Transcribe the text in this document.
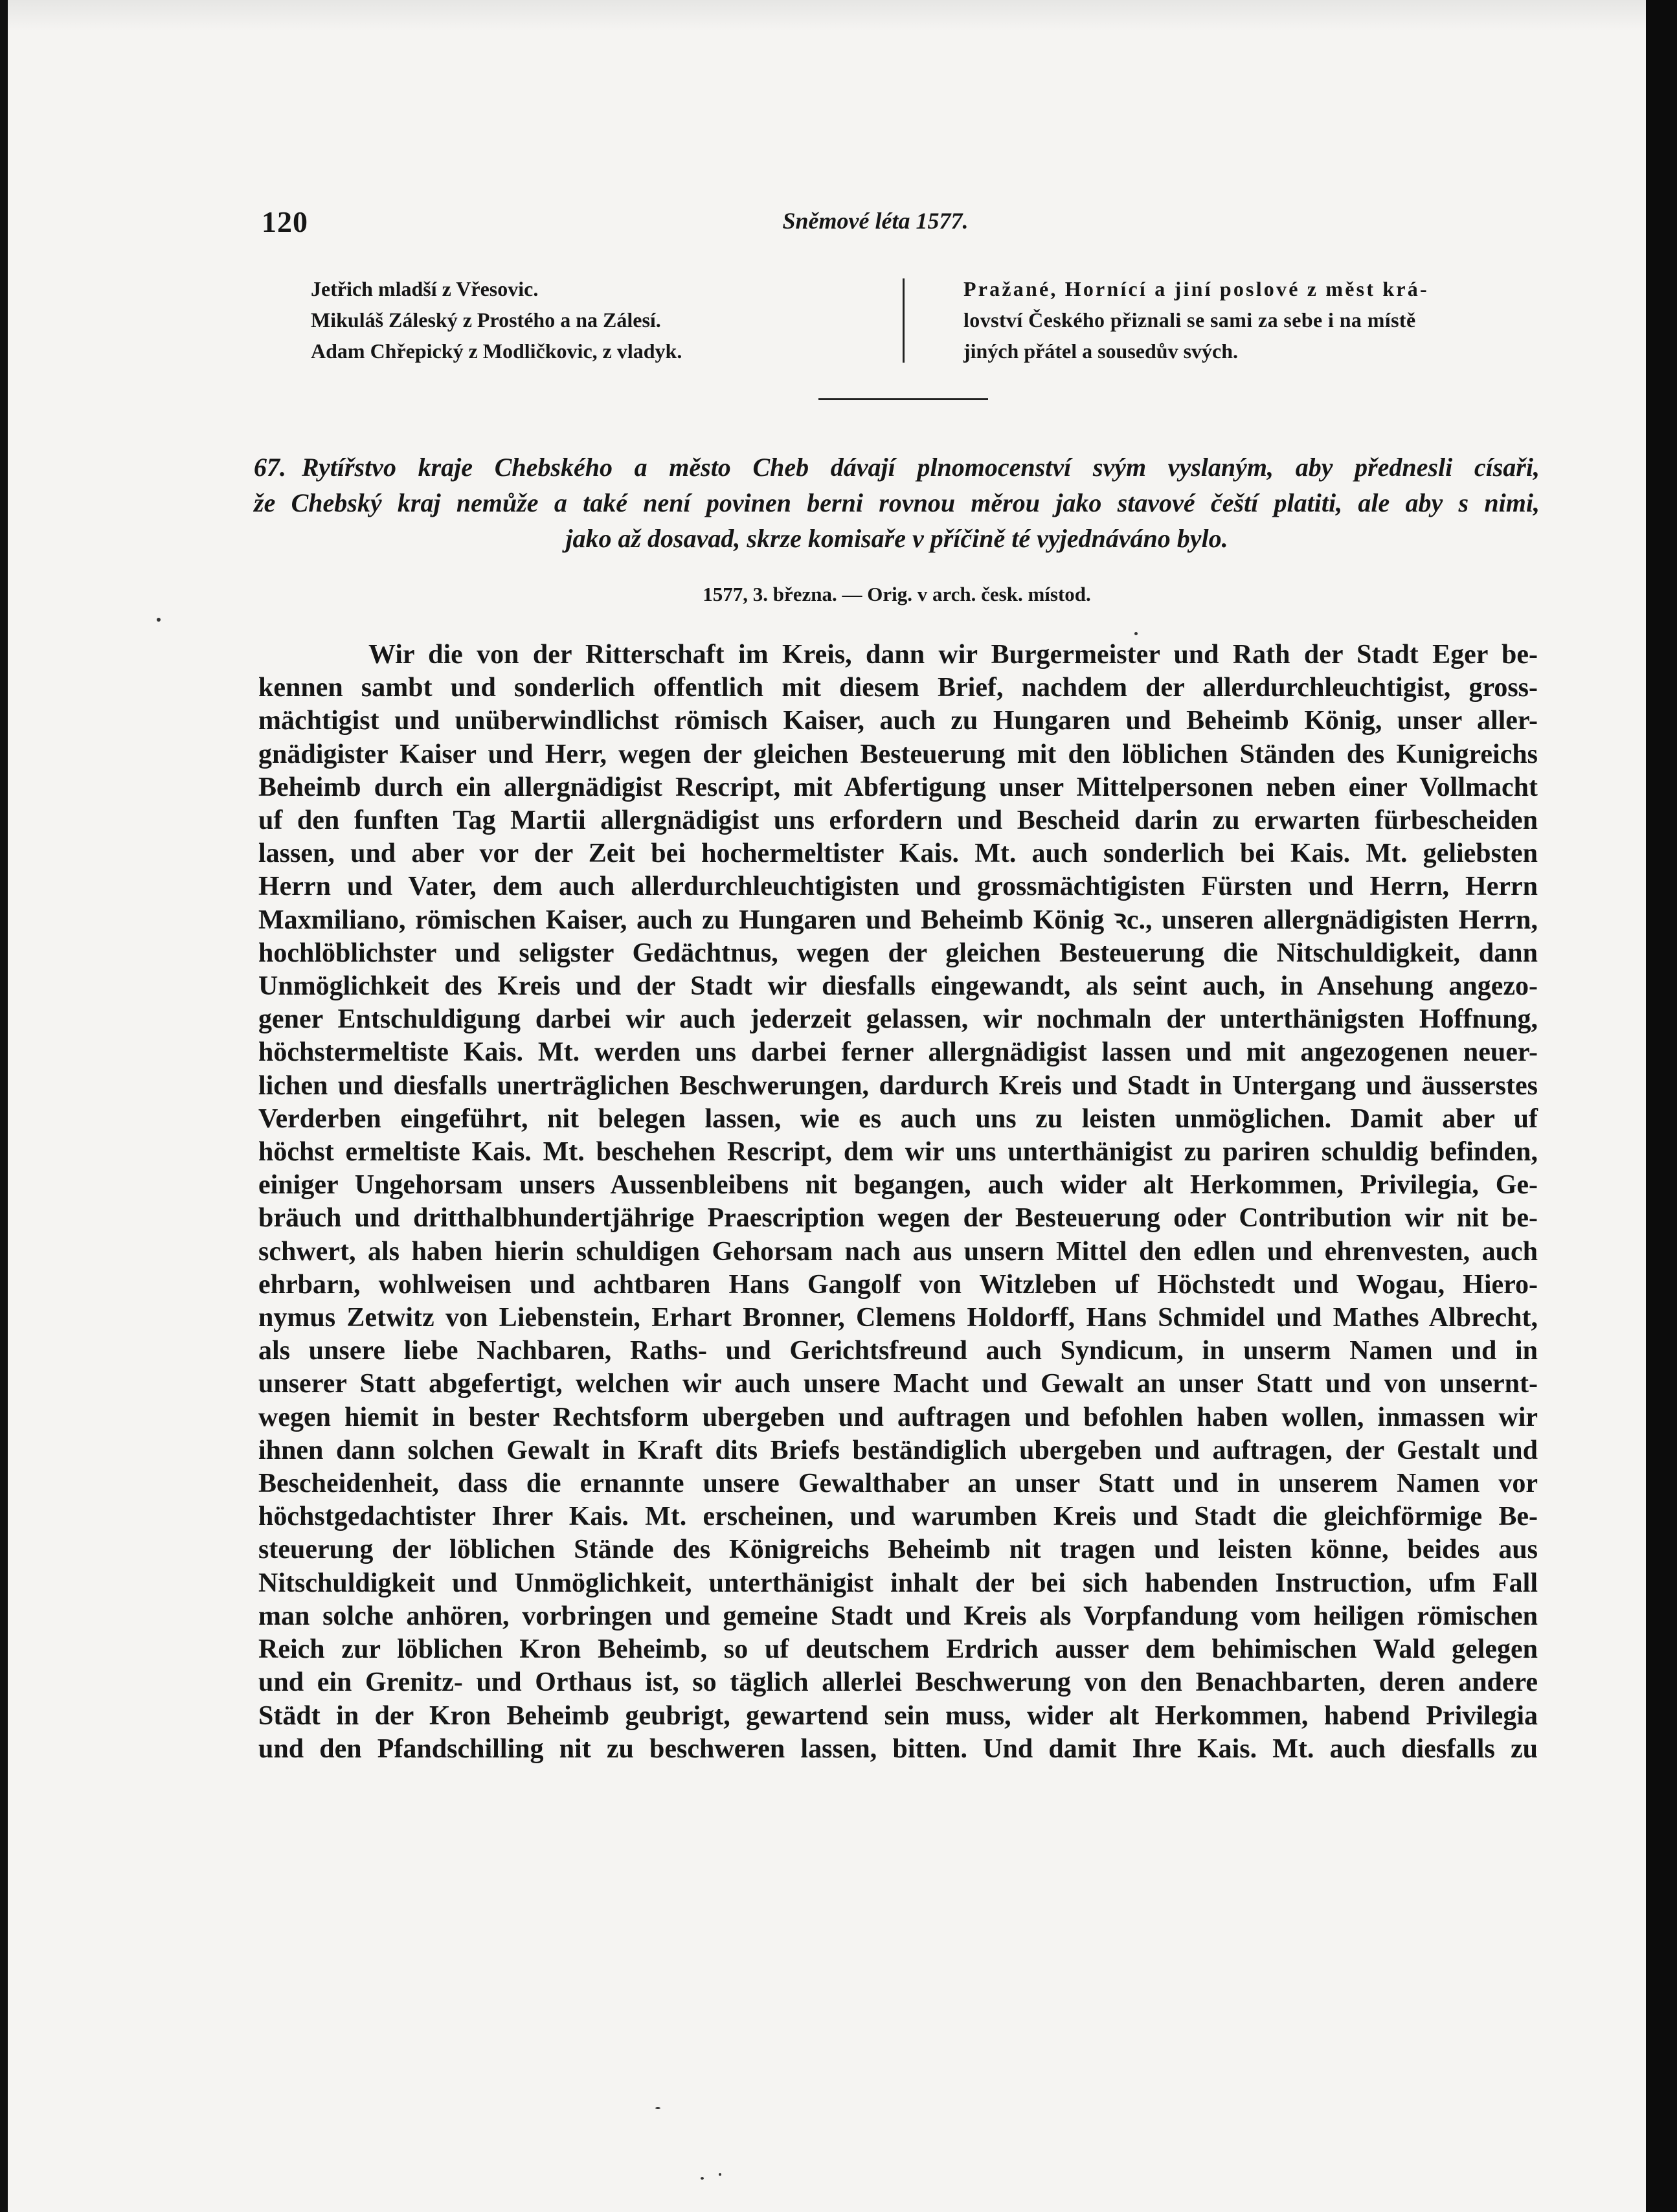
120	Sněmové léta 1577.
Jetřich mladší z Vřesovic.
Mikuláš Záleský z Prostého a na Zálesí.
Adam Chřepický z Modličkovic, z vladyk.
Pražané, Hornící a jiní poslové z měst krá-
lovství Českého přiznali se sami za sebe i na místě
jiných přátel a sousedův svých.
67. Rytířstvo kraje Chebského a město Cheb dávají plnomocenství svým vyslaným, aby přednesli císaři,
že Chebský kraj nemůže a také není povinen berni rovnou měrou jako stavové čeští platiti, ale aby s nimi,
jako až dosavad, skrze komisaře v příčině té vyjednáváno bylo.
1577, 3. března. — Orig. v arch. česk. místod.
Wir die von der Ritterschaft im Kreis, dann wir Burgermeister und Rath der Stadt Eger be-
kennen sambt und sonderlich offentlich mit diesem Brief, nachdem der allerdurchleuchtigist, gross-
mächtigist und unüberwindlichst römisch Kaiser, auch zu Hungaren und Beheimb König, unser aller-
gnädigister Kaiser und Herr, wegen der gleichen Besteuerung mit den löblichen Ständen des Kunigreichs
Beheimb durch ein allergnädigist Rescript, mit Abfertigung unser Mittelpersonen neben einer Vollmacht
uf den funften Tag Martii allergnädigist uns erfordern und Bescheid darin zu erwarten fürbescheiden
lassen, und aber vor der Zeit bei hochermeltister Kais. Mt. auch sonderlich bei Kais. Mt. geliebsten
Herrn und Vater, dem auch allerdurchleuchtigisten und grossmächtigisten Fürsten und Herrn, Herrn
Maxmiliano, römischen Kaiser, auch zu Hungaren und Beheimb König ꝛc., unseren allergnädigisten Herrn,
hochlöblichster und seligster Gedächtnus, wegen der gleichen Besteuerung die Nitschuldigkeit, dann
Unmöglichkeit des Kreis und der Stadt wir diesfalls eingewandt, als seint auch, in Ansehung angezo-
gener Entschuldigung darbei wir auch jederzeit gelassen, wir nochmaln der unterthänigsten Hoffnung,
höchstermeltiste Kais. Mt. werden uns darbei ferner allergnädigist lassen und mit angezogenen neuer-
lichen und diesfalls unerträglichen Beschwerungen, dardurch Kreis und Stadt in Untergang und äusserstes
Verderben eingeführt, nit belegen lassen, wie es auch uns zu leisten unmöglichen. Damit aber uf
höchst ermeltiste Kais. Mt. beschehen Rescript, dem wir uns unterthänigist zu pariren schuldig befinden,
einiger Ungehorsam unsers Aussenbleibens nit begangen, auch wider alt Herkommen, Privilegia, Ge-
bräuch und dritthalbhundertjährige Praescription wegen der Besteuerung oder Contribution wir nit be-
schwert, als haben hierin schuldigen Gehorsam nach aus unsern Mittel den edlen und ehrenvesten, auch
ehrbarn, wohlweisen und achtbaren Hans Gangolf von Witzleben uf Höchstedt und Wogau, Hiero-
nymus Zetwitz von Liebenstein, Erhart Bronner, Clemens Holdorff, Hans Schmidel und Mathes Albrecht,
als unsere liebe Nachbaren, Raths- und Gerichtsfreund auch Syndicum, in unserm Namen und in
unserer Statt abgefertigt, welchen wir auch unsere Macht und Gewalt an unser Statt und von unsernt-
wegen hiemit in bester Rechtsform ubergeben und auftragen und befohlen haben wollen, inmassen wir
ihnen dann solchen Gewalt in Kraft dits Briefs beständiglich ubergeben und auftragen, der Gestalt und
Bescheidenheit, dass die ernannte unsere Gewalthaber an unser Statt und in unserem Namen vor
höchstgedachtister Ihrer Kais. Mt. erscheinen, und warumben Kreis und Stadt die gleichförmige Be-
steuerung der löblichen Stände des Königreichs Beheimb nit tragen und leisten könne, beides aus
Nitschuldigkeit und Unmöglichkeit, unterthänigist inhalt der bei sich habenden Instruction, ufm Fall
man solche anhören, vorbringen und gemeine Stadt und Kreis als Vorpfandung vom heiligen römischen
Reich zur löblichen Kron Beheimb, so uf deutschem Erdrich ausser dem behimischen Wald gelegen
und ein Grenitz- und Orthaus ist, so täglich allerlei Beschwerung von den Benachbarten, deren andere
Städt in der Kron Beheimb geubrigt, gewartend sein muss, wider alt Herkommen, habend Privilegia
und den Pfandschilling nit zu beschweren lassen, bitten. Und damit Ihre Kais. Mt. auch diesfalls zu
